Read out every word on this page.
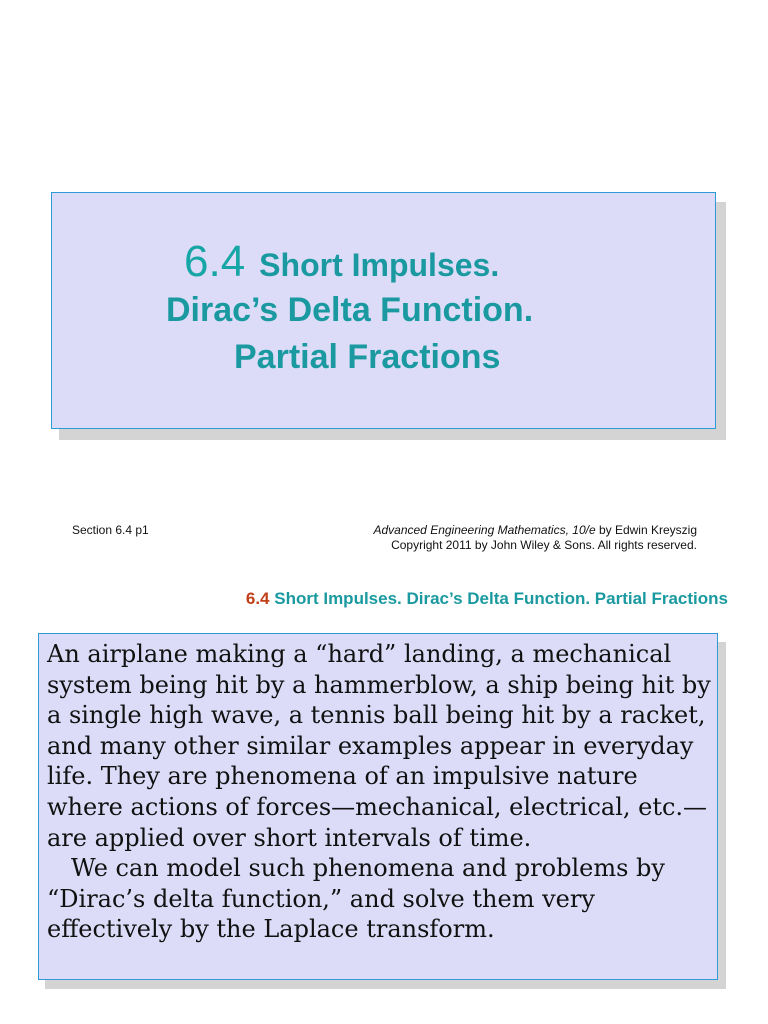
6.4 Short Impulses.
Dirac’s Delta Function.
Partial Fractions
Section 6.4 p1	Advanced Engineering Mathematics, 10/e by Edwin Kreyszig
Copyright 2011 by John Wiley & Sons. All rights reserved.
6.4 Short Impulses. Dirac’s Delta Function. Partial Fractions

An airplane making a “hard” landing, a mechanical system being hit by a hammerblow, a ship being hit by a single high wave, a tennis ball being hit by a racket, and many other similar examples appear in everyday life. They are phenomena of an impulsive nature where actions of forces—mechanical, electrical, etc.—are applied over short intervals of time.

We can model such phenomena and problems by “Dirac’s delta function,” and solve them very effectively by the Laplace transform.
